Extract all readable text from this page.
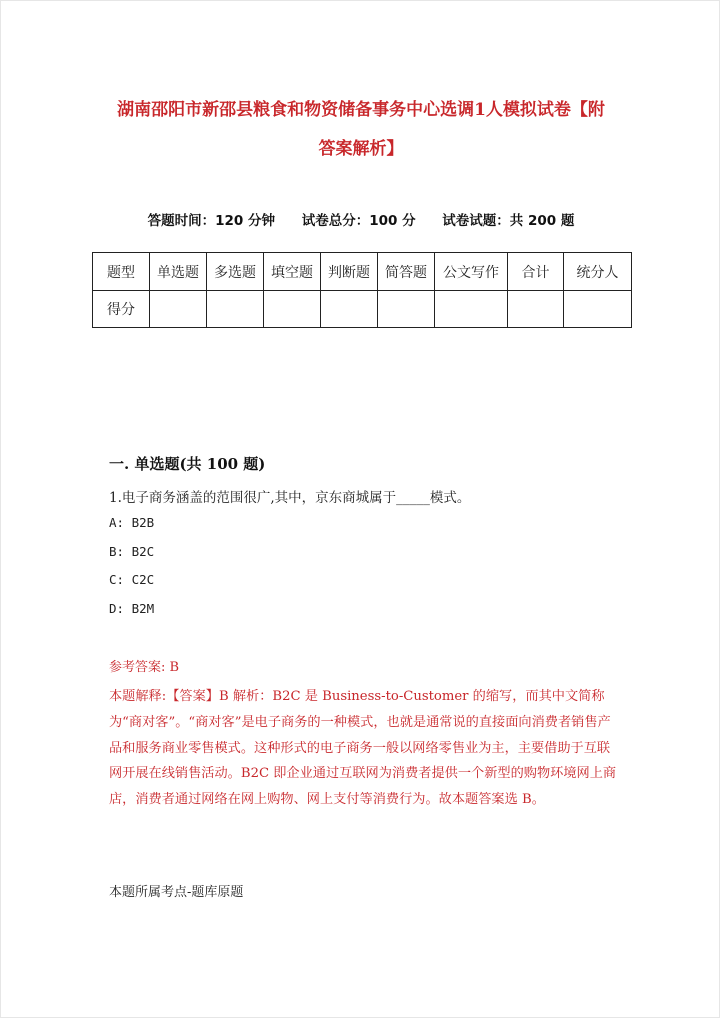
湖南邵阳市新邵县粮食和物资储备事务中心选调1人模拟试卷【附
答案解析】
答题时间：120 分钟 试卷总分：100 分 试卷试题：共 200 题
题型	单选题	多选题	填空题	判断题	简答题	公文写作	合计	统分人
得分								
一. 单选题(共 100 题)
1.电子商务涵盖的范围很广,其中，京东商城属于_____模式。
A: B2B
B: B2C
C: C2C
D: B2M
参考答案: B
本题解释:【答案】B 解析：B2C 是 Business-to-Customer 的缩写，而其中文简称为“商对客”。“商对客”是电子商务的一种模式，也就是通常说的直接面向消费者销售产品和服务商业零售模式。这种形式的电子商务一般以网络零售业为主，主要借助于互联网开展在线销售活动。B2C 即企业通过互联网为消费者提供一个新型的购物环境网上商店，消费者通过网络在网上购物、网上支付等消费行为。故本题答案选 B。
本题所属考点-题库原题
